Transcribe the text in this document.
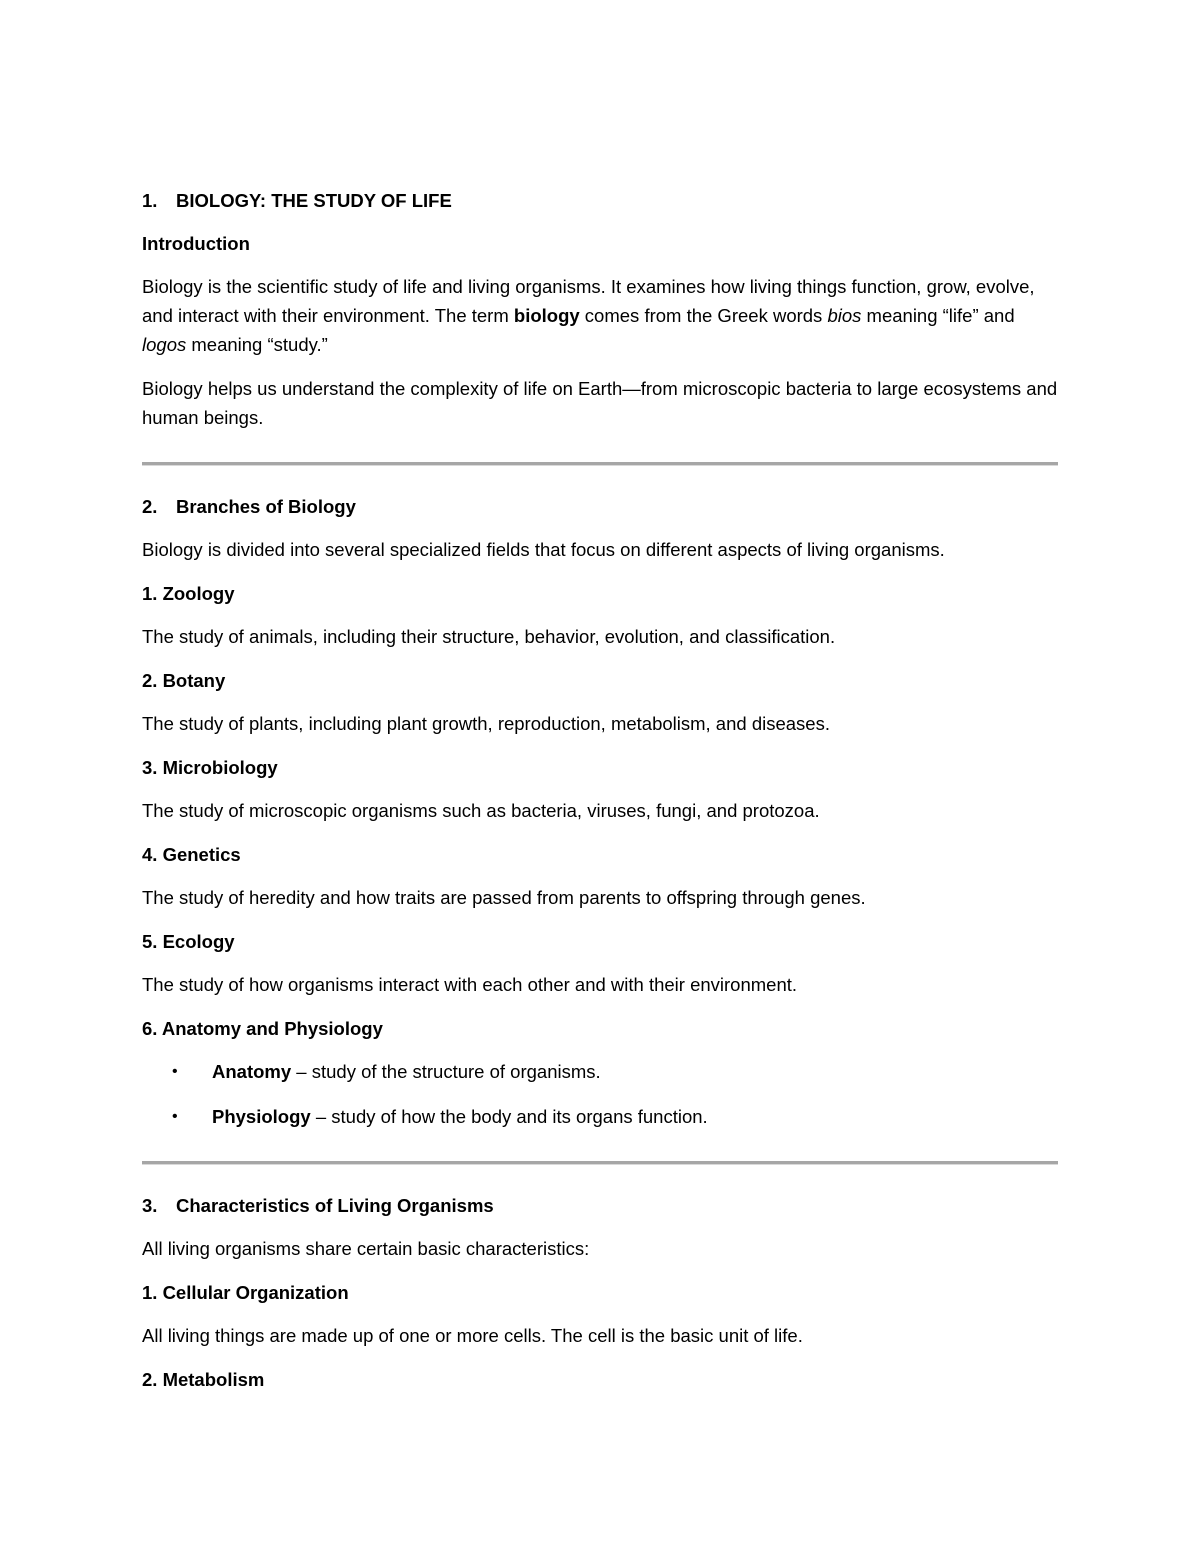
1.	BIOLOGY: THE STUDY OF LIFE
Introduction

Biology is the scientific study of life and living organisms. It examines how living things function, grow, evolve, and interact with their environment. The term biology comes from the Greek words bios meaning “life” and logos meaning “study.”

Biology helps us understand the complexity of life on Earth—from microscopic bacteria to large ecosystems and human beings.

2.	Branches of Biology

Biology is divided into several specialized fields that focus on different aspects of living organisms.

1. Zoology

The study of animals, including their structure, behavior, evolution, and classification.

2. Botany

The study of plants, including plant growth, reproduction, metabolism, and diseases.

3. Microbiology

The study of microscopic organisms such as bacteria, viruses, fungi, and protozoa.

4. Genetics

The study of heredity and how traits are passed from parents to offspring through genes.

5. Ecology

The study of how organisms interact with each other and with their environment.

6. Anatomy and Physiology
•	Anatomy – study of the structure of organisms.
•	Physiology – study of how the body and its organs function.
3.	Characteristics of Living Organisms

All living organisms share certain basic characteristics:

1. Cellular Organization

All living things are made up of one or more cells. The cell is the basic unit of life.

2. Metabolism
